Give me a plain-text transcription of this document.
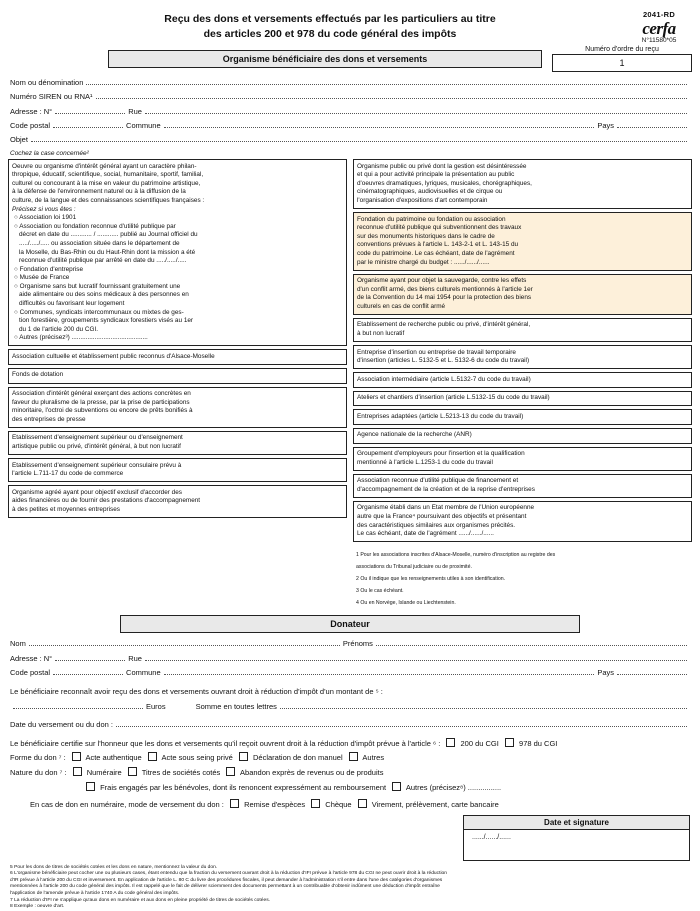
Reçu des dons et versements effectués par les particuliers au titre
des articles 200 et 978 du code général des impôts
2041-RD
cerfa
N°11580*05
Organisme bénéficiaire des dons et versements
Numéro d'ordre du reçu
1
Nom ou dénomination
Numéro SIREN ou RNA¹
Adresse : N°	Rue
Code postal	Commune	Pays
Objet
Cochez la case concernée²

Oeuvre ou organisme d'intérêt général ayant un caractère philan-

thropique, éducatif, scientifique, social, humanitaire, sportif, familial,

culturel ou concourant à la mise en valeur du patrimoine artistique,

à la défense de l'environnement naturel ou à la diffusion de la

culture, de la langue et des connaissances scientifiques françaises :

Précisez si vous êtes :

○ Association loi 1901

○ Association ou fondation reconnue d'utilité publique par

décret en date du ............ / ............ publié au Journal officiel du

...../...../..... ou association située dans le département de

la Moselle, du Bas-Rhin ou du Haut-Rhin dont la mission a été

reconnue d'utilité publique par arrêté en date du ...../...../.....

○ Fondation d'entreprise

○ Musée de France

○ Organisme sans but lucratif fournissant gratuitement une

aide alimentaire ou des soins médicaux à des personnes en

difficultés ou favorisant leur logement

○ Communes, syndicats intercommunaux ou mixtes de ges-

tion forestière, groupements syndicaux forestiers visés au 1er

du 1 de l'article 200 du CGI.

○ Autres (précisez³) ...........................................

Association cultuelle et établissement public reconnus d'Alsace-Moselle

Fonds de dotation

Association d'intérêt général exerçant des actions concrètes en

faveur du pluralisme de la presse, par la prise de participations

minoritaire, l'octroi de subventions ou encore de prêts bonifiés à

des entreprises de presse

Etablissement d'enseignement supérieur ou d'enseignement

artistique public ou privé, d'intérêt général, à but non lucratif

Etablissement d'enseignement supérieur consulaire prévu à

l'article L.711-17 du code de commerce

Organisme agréé ayant pour objectif exclusif d'accorder des

aides financières ou de fournir des prestations d'accompagnement

à des petites et moyennes entreprises

Organisme public ou privé dont la gestion est désintéressée

et qui a pour activité principale la présentation au public

d'oeuvres dramatiques, lyriques, musicales, chorégraphiques,

cinématographiques, audiovisuelles et de cirque ou

l'organisation d'expositions d'art contemporain

Fondation du patrimoine ou fondation ou association

reconnue d'utilité publique qui subventionnent des travaux

sur des monuments historiques dans le cadre de

conventions prévues à l'article L. 143-2-1 et L. 143-15 du

code du patrimoine. Le cas échéant, date de l'agrément

par le ministre chargé du budget : ....../....../......

Organisme ayant pour objet la sauvegarde, contre les effets

d'un conflit armé, des biens culturels mentionnés à l'article 1er

de la Convention du 14 mai 1954 pour la protection des biens

culturels en cas de conflit armé

Etablissement de recherche public ou privé, d'intérêt général,

à but non lucratif

Entreprise d'insertion ou entreprise de travail temporaire

d'insertion (articles L. 5132-5 et L. 5132-6 du code du travail)

Association intermédiaire (article L.5132-7 du code du travail)

Ateliers et chantiers d'insertion (article L.5132-15 du code du travail)

Entreprises adaptées (article L.5213-13 du code du travail)

Agence nationale de la recherche (ANR)

Groupement d'employeurs pour l'insertion et la qualification

mentionné à l'article L.1253-1 du code du travail

Association reconnue d'utilité publique de financement et

d'accompagnement de la création et de la reprise d'entreprises

Organisme établi dans un Etat membre de l'Union européenne

autre que la France⁴ poursuivant des objectifs et présentant

des caractéristiques similaires aux organismes précités.

Le cas échéant, date de l'agrément ....../....../......

1 Pour les associations inscrites d'Alsace-Moselle, numéro d'inscription au registre des

associations du Tribunal judiciaire ou de proximité.

2 Ou il indique que les renseignements utiles à son identification.

3 Ou le cas échéant.

4 Ou en Norvège, Islande ou Liechtenstein.

Donateur
Nom	Prénoms
Adresse : N°	Rue
Code postal	Commune	Pays
Le bénéficiaire reconnaît avoir reçu des dons et versements ouvrant droit à réduction d'impôt d'un montant de ⁵ :
Euros	Somme en toutes lettres
Date du versement ou du don :
Le bénéficiaire certifie sur l'honneur que les dons et versements qu'il reçoit ouvrent droit à la réduction d'impôt prévue à l'article ⁶ :	200 du CGI	978 du CGI
Forme du don ⁷ :	Acte authentique	Acte sous seing privé	Déclaration de don manuel	Autres
Nature du don ⁷ :	Numéraire	Titres de sociétés cotés	Abandon exprès de revenus ou de produits
Frais engagés par les bénévoles, dont ils renoncent expressément au remboursement	Autres (précisez⁸) ................
En cas de don en numéraire, mode de versement du don :	Remise d'espèces	Chèque	Virement, prélèvement, carte bancaire
Date et signature
....../....../......

5 Pour les dons de titres de sociétés cotées et les dons en nature, mentionnez la valeur du don.

6 L'organisme bénéficiaire peut cocher une ou plusieurs cases, étant entendu que la fraction du versement ouvrant droit à la réduction d'IFI prévue à l'article 978 du CGI ne peut ouvrir droit à la réduction

d'IR prévue à l'article 200 du CGI et inversement. En application de l'article L. 80 C du livre des procédures fiscales, il peut demander à l'administration s'il entre dans l'une des catégories d'organismes

mentionnées à l'article 200 du code général des impôts. Il est rappelé que le fait de délivrer sciemment des documents permettant à un contribuable d'obtenir indûment une déduction d'impôt entraîne

l'application de l'amende prévue à l'article 1740 A du code général des impôts.

7 La réduction d'IFI ne s'applique qu'aux dons en numéraire et aux dons en pleine propriété de titres de sociétés cotées.

8 Exemple : oeuvre d'art.
